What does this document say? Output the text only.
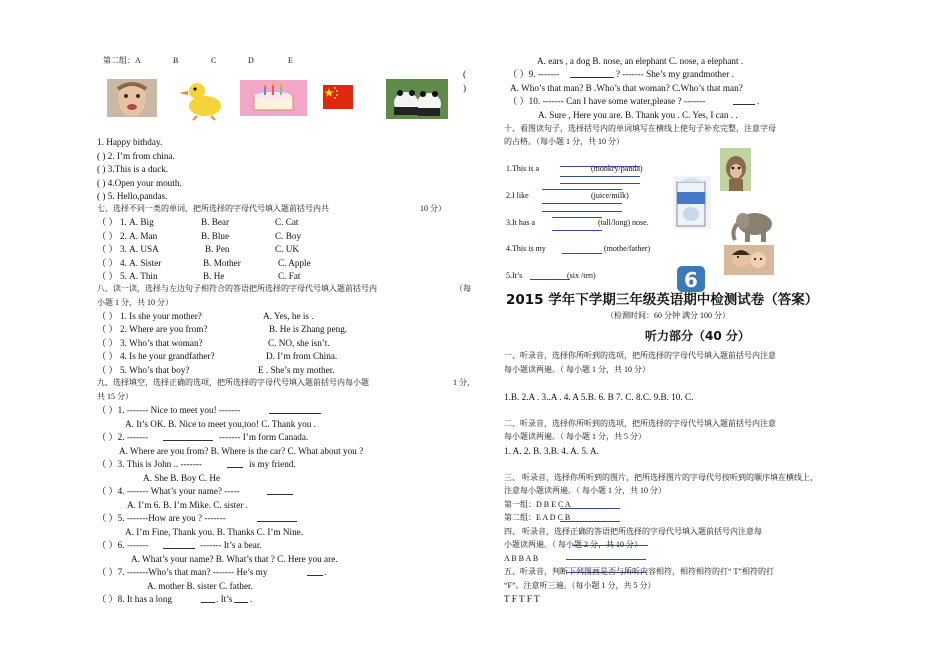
第二组：A	B	C	D	E
(
)
1. Happy bithday.
( ) 2. I’m from china.
( ) 3.This is a duck.
( ) 4.Open your mouth.
( ) 5. Hello,pandas.
七、选择不同一类的单词，把所选择的字母代号填入题前括号内共	10 分）
（ ） 1. A. Big	B. Bear	C. Cat
（ ） 2. A. Man	B. Blue	C. Boy
（ ） 3. A. USA	B. Pen	C. UK
（ ） 4. A. Sister	B. Mother	C. Apple
（ ） 5. A. Thin	B. He	C. Fat
八、读一读，选择与左边句子相符合的答语把所选择的字母代号填入题前括号内	（每
小题 1 分，共 10 分）
（ ） 1. Is she your mother?	A. Yes, he is .
（ ） 2. Where are you from?	B. He is Zhang peng.
（ ） 3. Who’s that woman?	C. NO, she isn’t.
（ ） 4. Is he your grandfather?	D. I’m from China.
（ ） 5. Who’s that boy?	E . She’s my mother.
九、选择填空，选择正确的选项，把所选择的字母代号填入题前括号内每小题	1 分，
共 15 分）
（ ）1. ------- Nice to meet you! -------
A. It’s OK. B. Nice to meet you,too! C. Thank you .
（ ）2. -------	------- I’m form Canada.
A. Where are you from? B. Where is the car? C. What about you ?
（ ）3. This is John .. -------	is my friend.
A. She B. Boy C. He
（ ）4. ------- What’s your name? -----
A. I’m 6. B. I’m Mike. C. sister .
（ ）5. -------How are you ? -------
A. I’m Fine, Thank you. B. Thanks C. I’m Nine.
（ ）6. -------	------- It’s a bear.
A. What’s your name? B. What’s that ? C. Here you are.
（ ）7. -------Who’s that man? ------- He’s my	.
A. mother B. sister C. father.
（ ）8. It has a long	. It’s .
A. ears , a dog B. nose, an elephant C. nose, a elephant .
（ ）9. -------	? ------- She’s my grandmother .
A. Who’s that man? B .Who’s that woman? C.Who’s that man?
（ ）10. ------- Can I have some water,please ? -------	.
A. Sure , Here you are. B. Thank you . C. Yes, I can . .
十、看图读句子，选择括号内的单词填写在横线上使句子补充完整，注意字母
的占格。（每小题 1 分，共 10 分）
1.This is a	(monkry/panda)
2.I like	(juice/milk)
3.It has a	(tall/long) nose.
4.This is my	(mothe/father)
5.It’s	(six /ten)	6
2015 学年下学期三年级英语期中检测试卷（答案）
（检测时间：60 分钟 满分 100 分）
听力部分（40 分）
一、听录音，选择你所听到的选项，把所选择的字母代号填入题前括号内注意
每小题读两遍。（ 每小题 1 分，共 10 分）
1.B. 2.A . 3..A . 4. A 5.B. 6. B 7. C. 8.C. 9.B. 10. C.
二、听录音，选择你所听到的选项，把所选择的字母代号填入题前括号内注意
每小题读两遍。（ 每小题 1 分，共 5 分）
1. A. 2. B. 3.B. 4. A. 5. A.
三、 听录音，选择你所听到的图片，把所选择图片的字母代号按听到的顺序填在横线上，
注意每小题读两遍。（ 每小题 1 分，共 10 分）
第一组：D B E C A
第二组：E A D C B
四、 听录音，选择正确的答语把所选择的字母代号填入题前括号内注意每
小题读两遍。（ 每小题 2 分，共 10 分）
A B B A B
五、听录音，判断下列图画是否与所听内容相符，相符相符的打“ T”相符的打
“F”。注意听三遍。（每小题 1 分，共 5 分）
T F T F T
